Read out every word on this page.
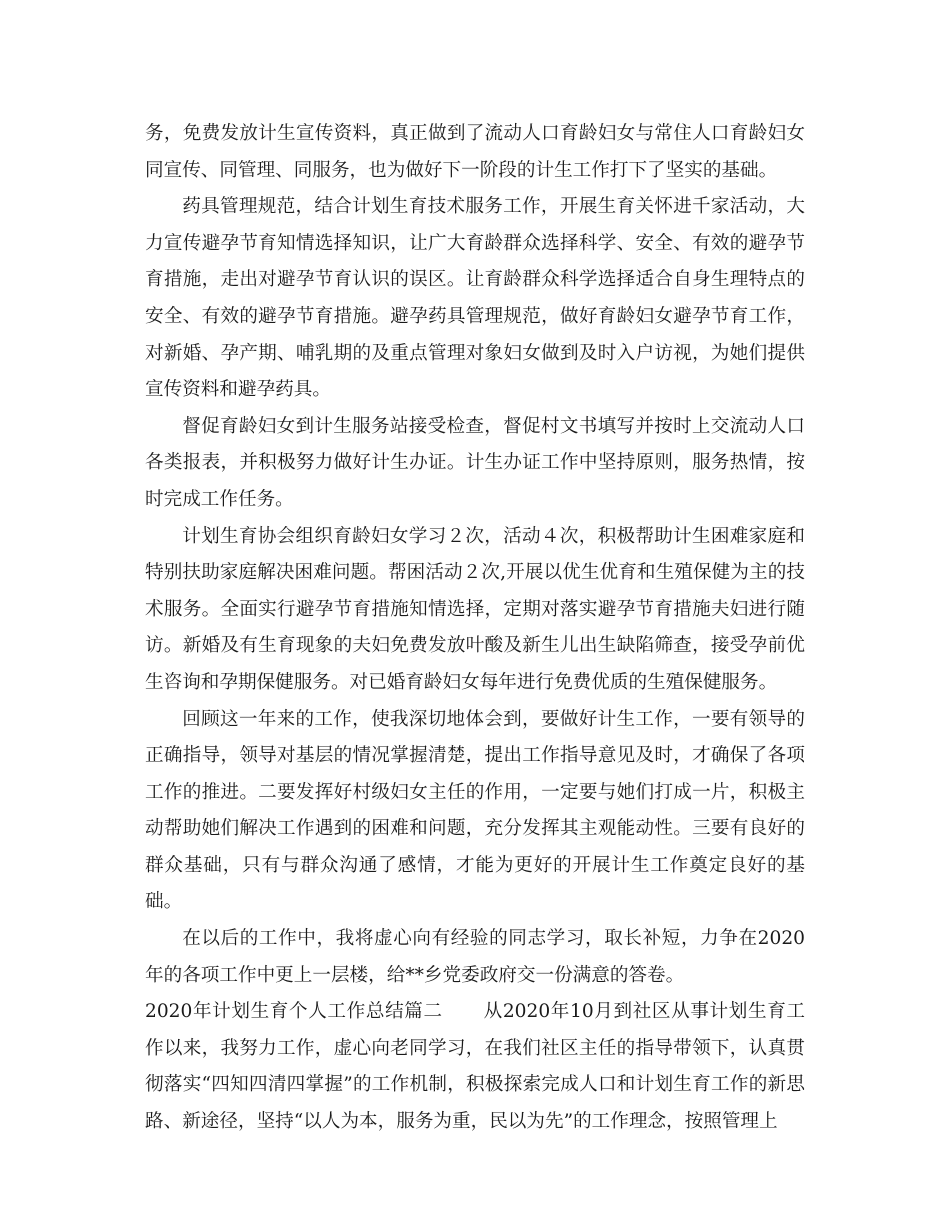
务，免费发放计生宣传资料，真正做到了流动人口育龄妇女与常住人口育龄妇女同宣传、同管理、同服务，也为做好下一阶段的计生工作打下了坚实的基础。

药具管理规范，结合计划生育技术服务工作，开展生育关怀进千家活动，大力宣传避孕节育知情选择知识，让广大育龄群众选择科学、安全、有效的避孕节育措施，走出对避孕节育认识的误区。让育龄群众科学选择适合自身生理特点的安全、有效的避孕节育措施。避孕药具管理规范，做好育龄妇女避孕节育工作，对新婚、孕产期、哺乳期的及重点管理对象妇女做到及时入户访视，为她们提供宣传资料和避孕药具。

督促育龄妇女到计生服务站接受检查，督促村文书填写并按时上交流动人口各类报表，并积极努力做好计生办证。计生办证工作中坚持原则，服务热情，按时完成工作任务。

计划生育协会组织育龄妇女学习２次，活动４次，积极帮助计生困难家庭和特别扶助家庭解决困难问题。帮困活动２次,开展以优生优育和生殖保健为主的技术服务。全面实行避孕节育措施知情选择，定期对落实避孕节育措施夫妇进行随访。新婚及有生育现象的夫妇免费发放叶酸及新生儿出生缺陷筛查，接受孕前优生咨询和孕期保健服务。对已婚育龄妇女每年进行免费优质的生殖保健服务。

回顾这一年来的工作，使我深切地体会到，要做好计生工作，一要有领导的正确指导，领导对基层的情况掌握清楚，提出工作指导意见及时，才确保了各项工作的推进。二要发挥好村级妇女主任的作用，一定要与她们打成一片，积极主动帮助她们解决工作遇到的困难和问题，充分发挥其主观能动性。三要有良好的群众基础，只有与群众沟通了感情，才能为更好的开展计生工作奠定良好的基础。

在以后的工作中，我将虚心向有经验的同志学习，取长补短，力争在2020年的各项工作中更上一层楼，给**乡党委政府交一份满意的答卷。

2020年计划生育个人工作总结篇二 从2020年10月到社区从事计划生育工作以来，我努力工作，虚心向老同学习，在我们社区主任的指导带领下，认真贯彻落实“四知四清四掌握”的工作机制，积极探索完成人口和计划生育工作的新思路、新途径，坚持“以人为本，服务为重，民以为先”的工作理念，按照管理上
